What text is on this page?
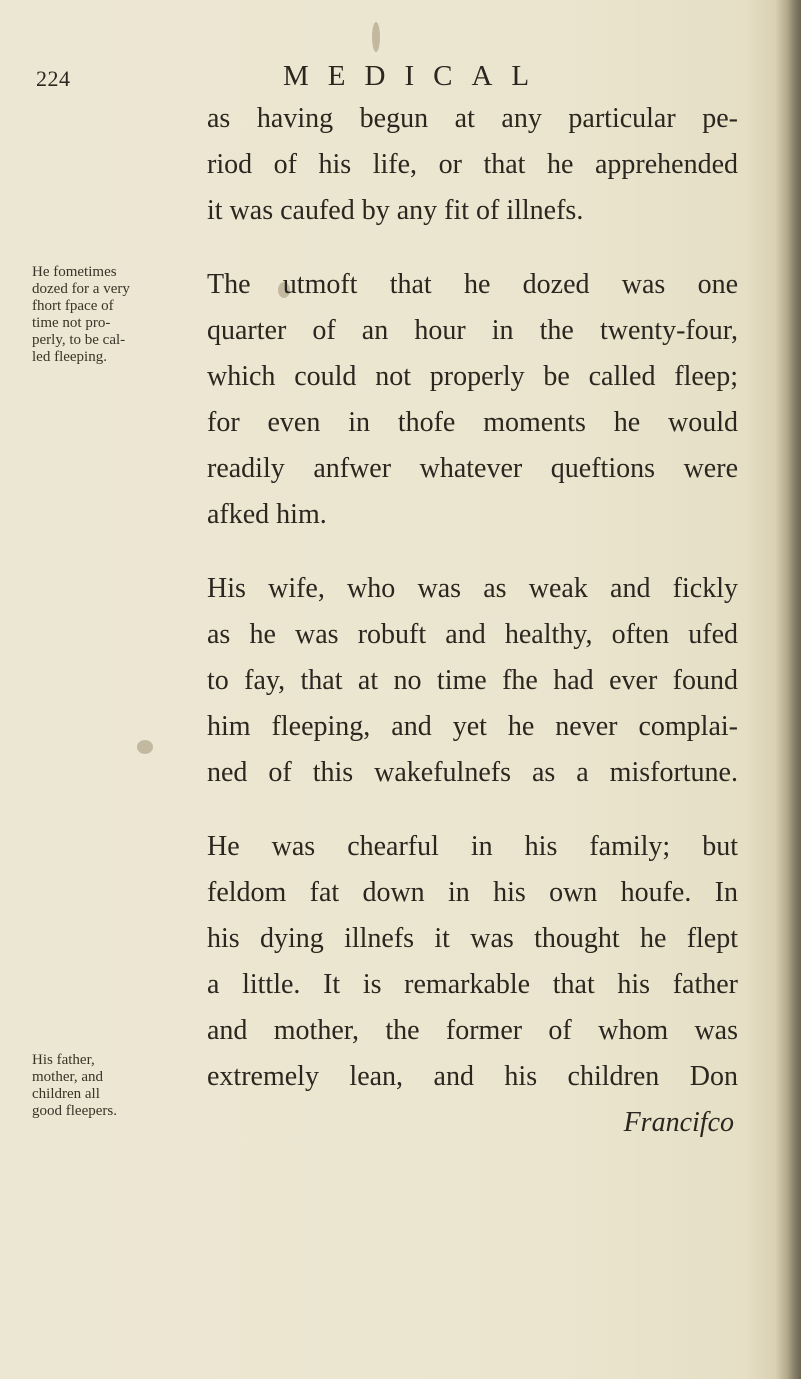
224	MEDICAL
He fometimes
dozed for a very
fhort fpace of
time not pro-
perly, to be cal-
led fleeping.
His father,
mother, and
children all
good fleepers.
as having begun at any particular pe-
riod of his life, or that he apprehended
it was caufed by any fit of illnefs.
The utmoft that he dozed was one
quarter of an hour in the twenty-four,
which could not properly be called fleep;
for even in thofe moments he would
readily anfwer whatever queftions were
afked him.
His wife, who was as weak and fickly
as he was robuft and healthy, often ufed
to fay, that at no time fhe had ever found
him fleeping, and yet he never complai-
ned of this wakefulnefs as a misfortune.
He was chearful in his family; but
feldom fat down in his own houfe. In
his dying illnefs it was thought he flept
a little. It is remarkable that his father
and mother, the former of whom was
extremely lean, and his children Don
Francifco
